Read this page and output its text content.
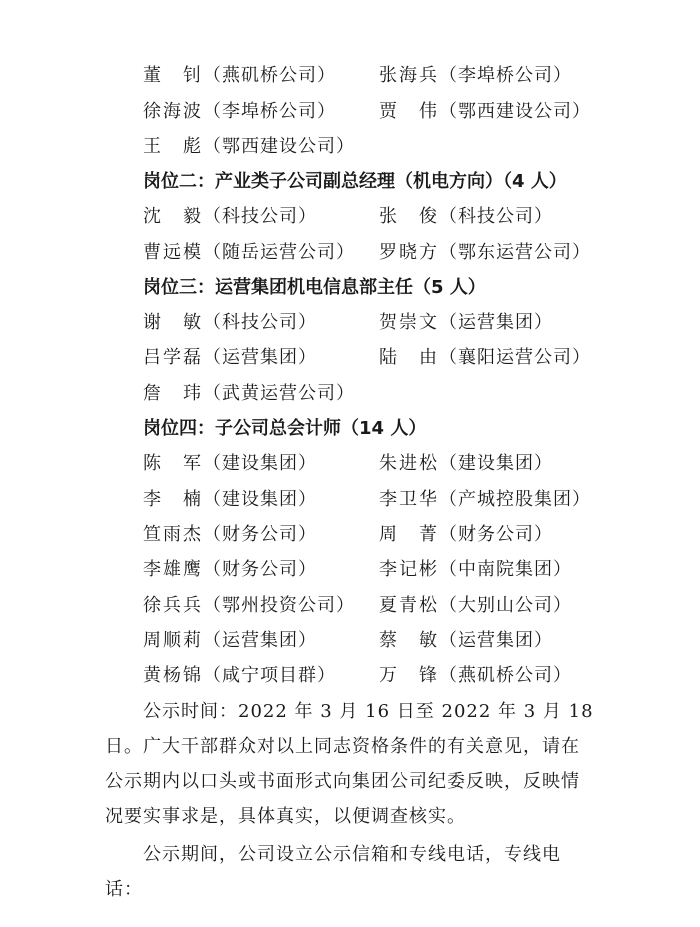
董　钊（燕矶桥公司） 张海兵（李埠桥公司）
徐海波（李埠桥公司） 贾　伟（鄂西建设公司）
王　彪（鄂西建设公司）
岗位二：产业类子公司副总经理（机电方向）（4 人）
沈　毅（科技公司）	张　俊（科技公司）
曹远模（随岳运营公司） 罗晓方（鄂东运营公司）
岗位三：运营集团机电信息部主任（5 人）
谢　敏（科技公司）	贺崇文（运营集团）
吕学磊（运营集团）	陆　由（襄阳运营公司）
詹　玮（武黄运营公司）
岗位四：子公司总会计师（14 人）
陈　军（建设集团）	朱进松（建设集团）
李　楠（建设集团）	李卫华（产城控股集团）
笪雨杰（财务公司）	周　菁（财务公司）
李雄鹰（财务公司）	李记彬（中南院集团）
徐兵兵（鄂州投资公司） 夏青松（大别山公司）
周顺莉（运营集团）	蔡　敏（运营集团）
黄杨锦（咸宁项目群） 万　锋（燕矶桥公司）
公示时间：2022 年 3 月 16 日至 2022 年 3 月 18 日。广大干部群众对以上同志资格条件的有关意见，请在公示期内以口头或书面形式向集团公司纪委反映，反映情况要实事求是，具体真实，以便调查核实。
公示期间，公司设立公示信箱和专线电话，专线电话：
